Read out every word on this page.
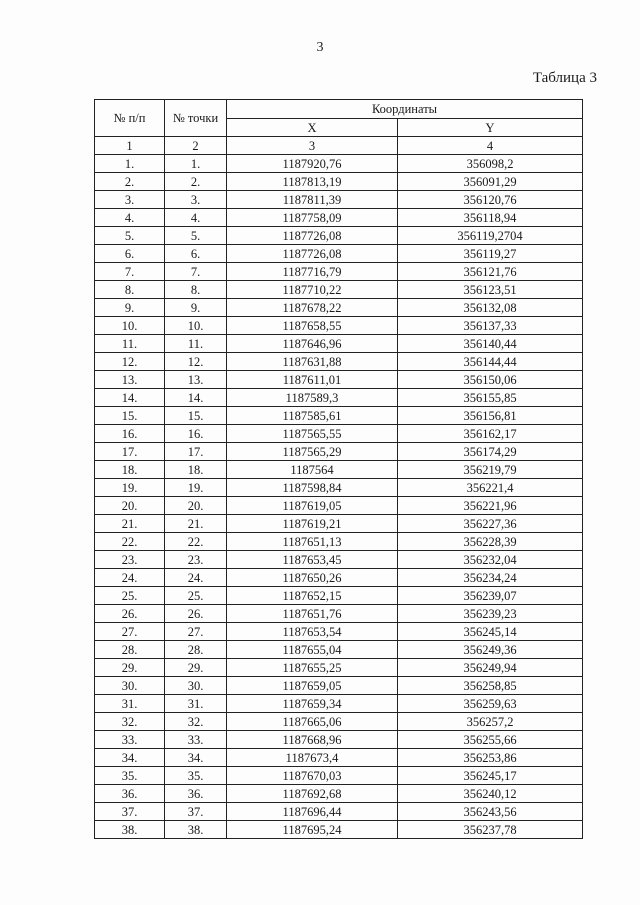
3
Таблица 3
№ п/п	№ точки	Координаты	
		X	Y
1	2	3	4
1.	1.	1187920,76	356098,2
2.	2.	1187813,19	356091,29
3.	3.	1187811,39	356120,76
4.	4.	1187758,09	356118,94
5.	5.	1187726,08	356119,2704
6.	6.	1187726,08	356119,27
7.	7.	1187716,79	356121,76
8.	8.	1187710,22	356123,51
9.	9.	1187678,22	356132,08
10.	10.	1187658,55	356137,33
11.	11.	1187646,96	356140,44
12.	12.	1187631,88	356144,44
13.	13.	1187611,01	356150,06
14.	14.	1187589,3	356155,85
15.	15.	1187585,61	356156,81
16.	16.	1187565,55	356162,17
17.	17.	1187565,29	356174,29
18.	18.	1187564	356219,79
19.	19.	1187598,84	356221,4
20.	20.	1187619,05	356221,96
21.	21.	1187619,21	356227,36
22.	22.	1187651,13	356228,39
23.	23.	1187653,45	356232,04
24.	24.	1187650,26	356234,24
25.	25.	1187652,15	356239,07
26.	26.	1187651,76	356239,23
27.	27.	1187653,54	356245,14
28.	28.	1187655,04	356249,36
29.	29.	1187655,25	356249,94
30.	30.	1187659,05	356258,85
31.	31.	1187659,34	356259,63
32.	32.	1187665,06	356257,2
33.	33.	1187668,96	356255,66
34.	34.	1187673,4	356253,86
35.	35.	1187670,03	356245,17
36.	36.	1187692,68	356240,12
37.	37.	1187696,44	356243,56
38.	38.	1187695,24	356237,78
